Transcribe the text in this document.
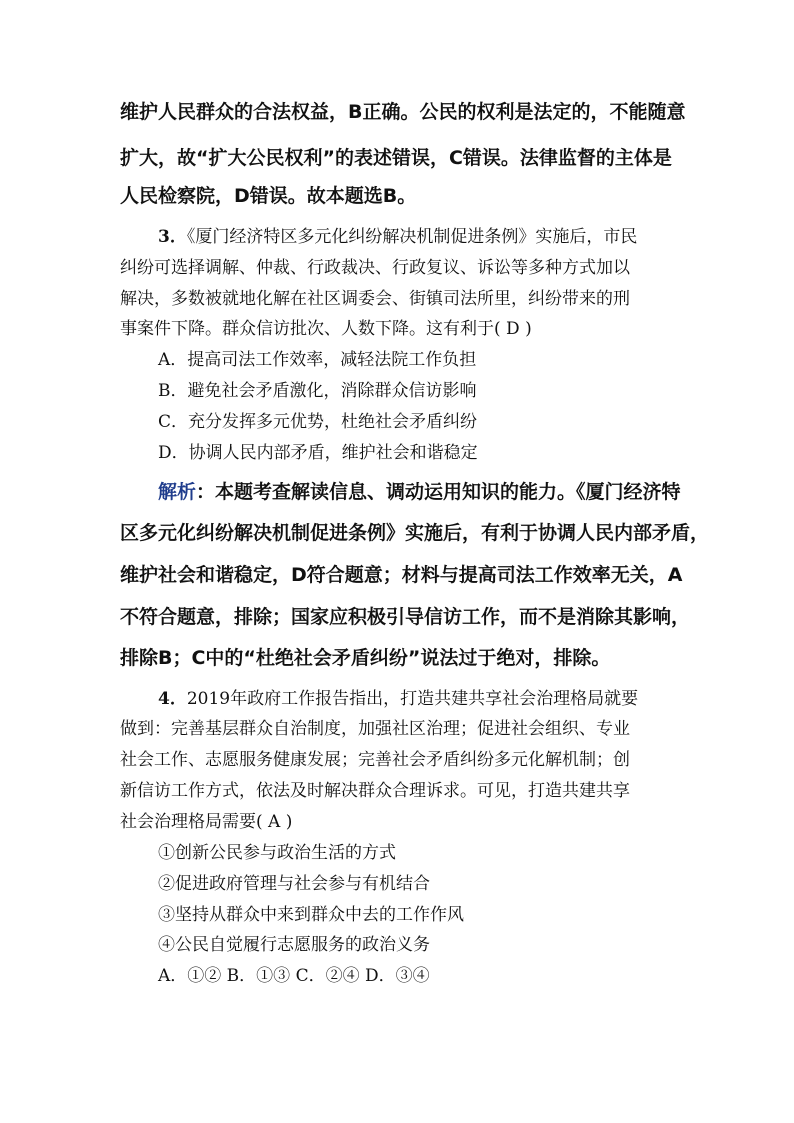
维护人民群众的合法权益，B正确。公民的权利是法定的，不能随意

扩大，故“扩大公民权利”的表述错误，C错误。法律监督的主体是

人民检察院，D错误。故本题选B。

3．《厦门经济特区多元化纠纷解决机制促进条例》实施后，市民

纠纷可选择调解、仲裁、行政裁决、行政复议、诉讼等多种方式加以

解决，多数被就地化解在社区调委会、街镇司法所里，纠纷带来的刑

事案件下降。群众信访批次、人数下降。这有利于( D )

A．提高司法工作效率，减轻法院工作负担

B．避免社会矛盾激化，消除群众信访影响

C．充分发挥多元优势，杜绝社会矛盾纠纷

D．协调人民内部矛盾，维护社会和谐稳定

解析：本题考查解读信息、调动运用知识的能力。《厦门经济特

区多元化纠纷解决机制促进条例》实施后，有利于协调人民内部矛盾，

维护社会和谐稳定，D符合题意；材料与提高司法工作效率无关，A

不符合题意，排除；国家应积极引导信访工作，而不是消除其影响，

排除B；C中的“杜绝社会矛盾纠纷”说法过于绝对，排除。

4．2019年政府工作报告指出，打造共建共享社会治理格局就要

做到：完善基层群众自治制度，加强社区治理；促进社会组织、专业

社会工作、志愿服务健康发展；完善社会矛盾纠纷多元化解机制；创

新信访工作方式，依法及时解决群众合理诉求。可见，打造共建共享

社会治理格局需要( A )

①创新公民参与政治生活的方式

②促进政府管理与社会参与有机结合

③坚持从群众中来到群众中去的工作作风

④公民自觉履行志愿服务的政治义务

A．①② B．①③ C．②④ D．③④
